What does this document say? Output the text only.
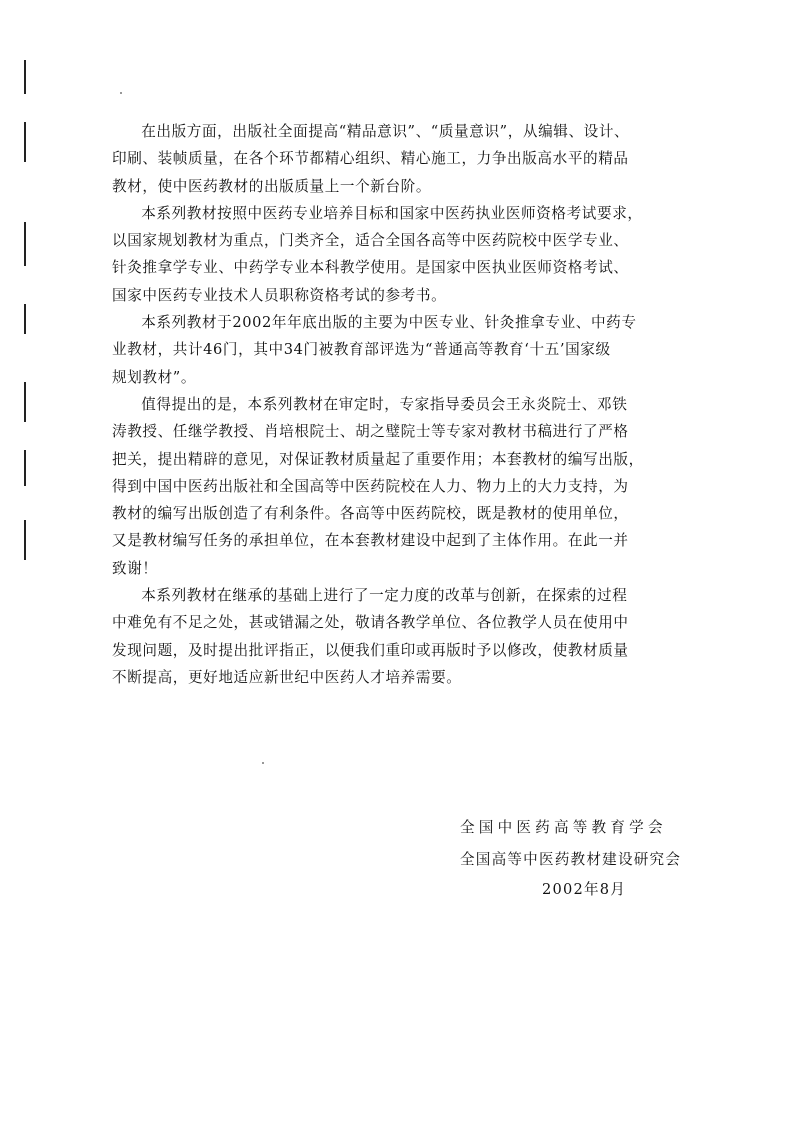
在出版方面，出版社全面提高“精品意识”、“质量意识”，从编辑、设计、
印刷、装帧质量，在各个环节都精心组织、精心施工，力争出版高水平的精品
教材，使中医药教材的出版质量上一个新台阶。

本系列教材按照中医药专业培养目标和国家中医药执业医师资格考试要求，
以国家规划教材为重点，门类齐全，适合全国各高等中医药院校中医学专业、
针灸推拿学专业、中药学专业本科教学使用。是国家中医执业医师资格考试、
国家中医药专业技术人员职称资格考试的参考书。

本系列教材于2002年年底出版的主要为中医专业、针灸推拿专业、中药专
业教材，共计46门，其中34门被教育部评选为“普通高等教育‘十五’国家级
规划教材”。

值得提出的是，本系列教材在审定时，专家指导委员会王永炎院士、邓铁
涛教授、任继学教授、肖培根院士、胡之璧院士等专家对教材书稿进行了严格
把关，提出精辟的意见，对保证教材质量起了重要作用；本套教材的编写出版，
得到中国中医药出版社和全国高等中医药院校在人力、物力上的大力支持，为
教材的编写出版创造了有利条件。各高等中医药院校，既是教材的使用单位，
又是教材编写任务的承担单位，在本套教材建设中起到了主体作用。在此一并
致谢！

本系列教材在继承的基础上进行了一定力度的改革与创新，在探索的过程
中难免有不足之处，甚或错漏之处，敬请各教学单位、各位教学人员在使用中
发现问题，及时提出批评指正，以便我们重印或再版时予以修改，使教材质量
不断提高，更好地适应新世纪中医药人才培养需要。

全国中医药高等教育学会
全国高等中医药教材建设研究会
2002年8月
